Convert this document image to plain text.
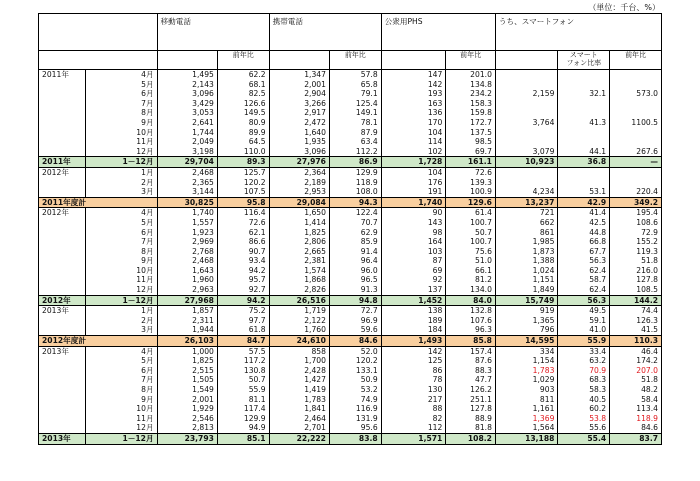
（単位：千台、%）
		移動電話		携帯電話		公衆用PHS		うち、スマートフォン		
			前年比		前年比		前年比		スマート
フォン比率	前年比
2011年	4月	1,495	62.2	1,347	57.8	147	201.0			
	5月	2,143	68.1	2,001	65.8	142	134.8			
	6月	3,096	82.5	2,904	79.1	193	234.2	2,159	32.1	573.0
	7月	3,429	126.6	3,266	125.4	163	158.3			
	8月	3,053	149.5	2,917	149.1	136	159.8			
	9月	2,641	80.9	2,472	78.1	170	172.7	3,764	41.3	1100.5
	10月	1,744	89.9	1,640	87.9	104	137.5			
	11月	2,049	64.5	1,935	63.4	114	98.5			
	12月	3,198	110.0	3,096	112.2	102	69.7	3,079	44.1	267.6
2011年	1－12月	29,704	89.3	27,976	86.9	1,728	161.1	10,923	36.8	—
2012年	1月	2,468	125.7	2,364	129.9	104	72.6			
	2月	2,365	120.2	2,189	118.9	176	139.3			
	3月	3,144	107.5	2,953	108.0	191	100.9	4,234	53.1	220.4
2011年度計		30,825	95.8	29,084	94.3	1,740	129.6	13,237	42.9	349.2
2012年	4月	1,740	116.4	1,650	122.4	90	61.4	721	41.4	195.4
	5月	1,557	72.6	1,414	70.7	143	100.7	662	42.5	108.6
	6月	1,923	62.1	1,825	62.9	98	50.7	861	44.8	72.9
	7月	2,969	86.6	2,806	85.9	164	100.7	1,985	66.8	155.2
	8月	2,768	90.7	2,665	91.4	103	75.6	1,873	67.7	119.3
	9月	2,468	93.4	2,381	96.4	87	51.0	1,388	56.3	51.8
	10月	1,643	94.2	1,574	96.0	69	66.1	1,024	62.4	216.0
	11月	1,960	95.7	1,868	96.5	92	81.2	1,151	58.7	127.8
	12月	2,963	92.7	2,826	91.3	137	134.0	1,849	62.4	108.5
2012年	1－12月	27,968	94.2	26,516	94.8	1,452	84.0	15,749	56.3	144.2
2013年	1月	1,857	75.2	1,719	72.7	138	132.8	919	49.5	74.4
	2月	2,311	97.7	2,122	96.9	189	107.6	1,365	59.1	126.3
	3月	1,944	61.8	1,760	59.6	184	96.3	796	41.0	41.5
2012年度計		26,103	84.7	24,610	84.6	1,493	85.8	14,595	55.9	110.3
2013年	4月	1,000	57.5	858	52.0	142	157.4	334	33.4	46.4
	5月	1,825	117.2	1,700	120.2	125	87.6	1,154	63.2	174.2
	6月	2,515	130.8	2,428	133.1	86	88.3	1,783	70.9	207.0
	7月	1,505	50.7	1,427	50.9	78	47.7	1,029	68.3	51.8
	8月	1,549	55.9	1,419	53.2	130	126.2	903	58.3	48.2
	9月	2,001	81.1	1,783	74.9	217	251.1	811	40.5	58.4
	10月	1,929	117.4	1,841	116.9	88	127.8	1,161	60.2	113.4
	11月	2,546	129.9	2,464	131.9	82	88.9	1,369	53.8	118.9
	12月	2,813	94.9	2,701	95.6	112	81.8	1,564	55.6	84.6
2013年	1－12月	23,793	85.1	22,222	83.8	1,571	108.2	13,188	55.4	83.7
